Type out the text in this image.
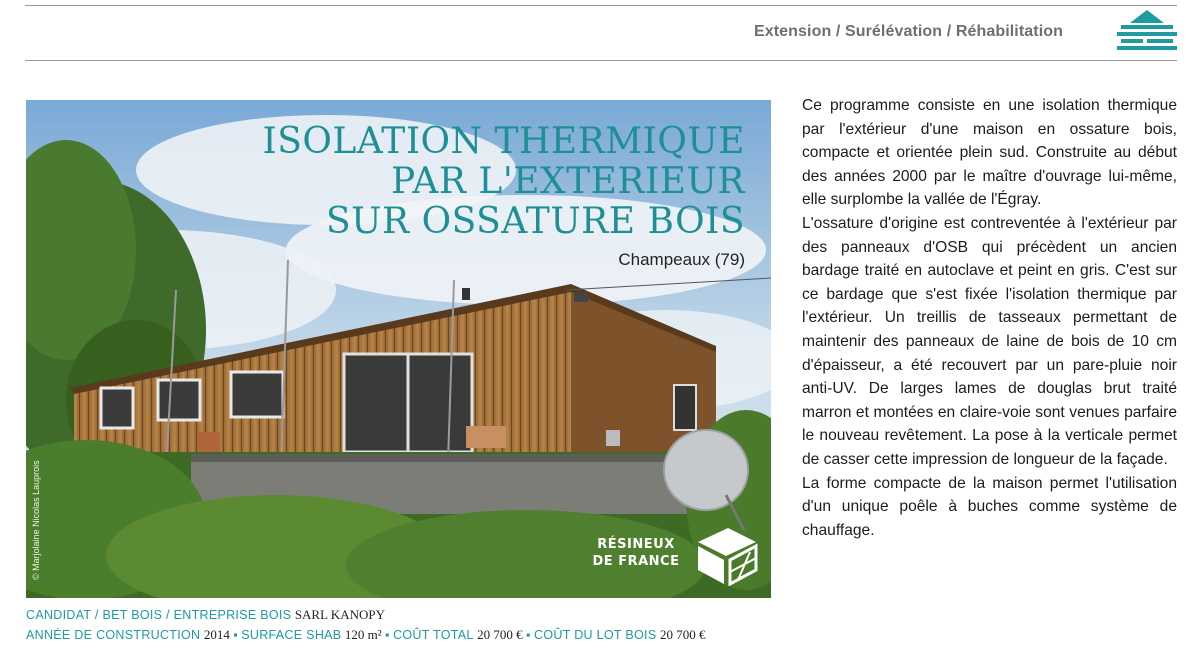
Extension / Surélévation / Réhabilitation
ISOLATION THERMIQUE
PAR L'EXTERIEUR
SUR OSSATURE BOIS
Champeaux (79)
© Marjolaine Nicolas Lauprois	RÉSINEUX
DE FRANCE
CANDIDAT / BET BOIS / ENTREPRISE BOIS SARL KANOPY
ANNÉE DE CONSTRUCTION 2014 ▪ SURFACE SHAB 120 m² ▪ COÛT TOTAL 20 700 € ▪ COÛT DU LOT BOIS 20 700 €

Ce programme consiste en une isolation thermique par l'extérieur d'une maison en ossature bois, compacte et orientée plein sud. Construite au début des années 2000 par le maître d'ouvrage lui-même, elle surplombe la vallée de l'Égray.

L'ossature d'origine est contreventée à l'extérieur par des panneaux d'OSB qui précèdent un ancien bardage traité en autoclave et peint en gris. C'est sur ce bardage que s'est fixée l'isolation thermique par l'extérieur. Un treillis de tasseaux permettant de maintenir des panneaux de laine de bois de 10 cm d'épaisseur, a été recouvert par un pare-pluie noir anti-UV. De larges lames de douglas brut traité marron et montées en claire-voie sont venues parfaire le nouveau revêtement. La pose à la verticale permet de casser cette impression de longueur de la façade.

La forme compacte de la maison permet l'utilisation d'un unique poêle à buches comme système de chauffage.
